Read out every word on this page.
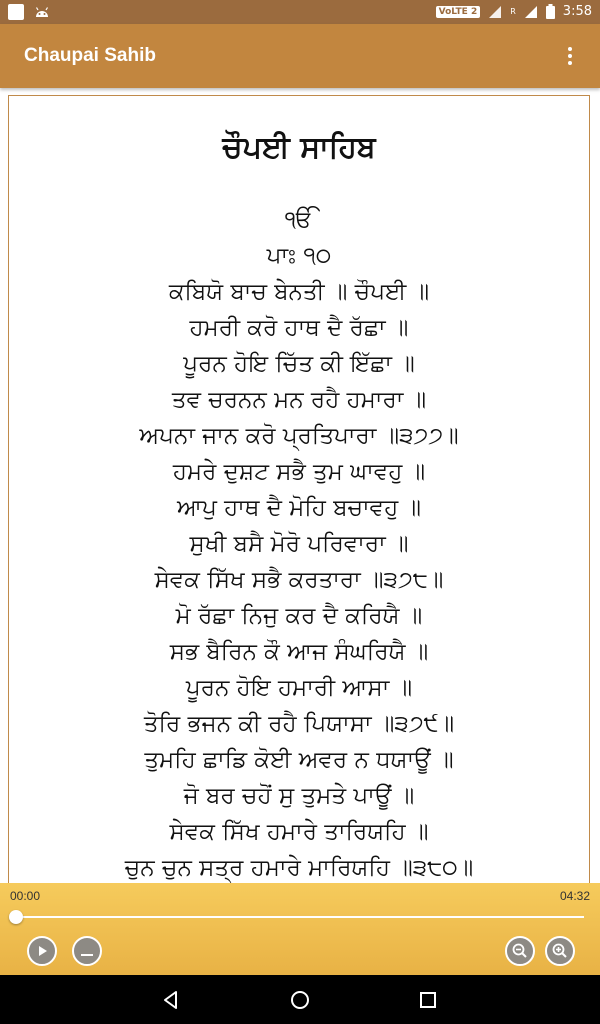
VoLTE 2	R	3:58
Chaupai Sahib
ਚੌਪਈ ਸਾਹਿਬ
ੴ
ਪਾਃ ੧੦
ਕਬਿਯੋ ਬਾਚ ਬੇਨਤੀ ॥ ਚੌਪਈ ॥
ਹਮਰੀ ਕਰੋ ਹਾਥ ਦੈ ਰੱਛਾ ॥
ਪੂਰਨ ਹੋਇ ਚਿੱਤ ਕੀ ਇੱਛਾ ॥
ਤਵ ਚਰਨਨ ਮਨ ਰਹੈ ਹਮਾਰਾ ॥
ਅਪਨਾ ਜਾਨ ਕਰੋ ਪ੍ਰਤਿਪਾਰਾ ॥੩੭੭॥
ਹਮਰੇ ਦੁਸ਼ਟ ਸਭੈ ਤੁਮ ਘਾਵਹੁ ॥
ਆਪੁ ਹਾਥ ਦੈ ਮੋਹਿ ਬਚਾਵਹੁ ॥
ਸੁਖੀ ਬਸੈ ਮੋਰੋ ਪਰਿਵਾਰਾ ॥
ਸੇਵਕ ਸਿੱਖ ਸਭੈ ਕਰਤਾਰਾ ॥੩੭੮॥
ਮੋ ਰੱਛਾ ਨਿਜੁ ਕਰ ਦੈ ਕਰਿਯੈ ॥
ਸਭ ਬੈਰਿਨ ਕੌ ਆਜ ਸੰਘਰਿਯੈ ॥
ਪੂਰਨ ਹੋਇ ਹਮਾਰੀ ਆਸਾ ॥
ਤੋਰਿ ਭਜਨ ਕੀ ਰਹੈ ਪਿਯਾਸਾ ॥੩੭੯॥
ਤੁਮਹਿ ਛਾਡਿ ਕੋਈ ਅਵਰ ਨ ਧਯਾਊਂ ॥
ਜੋ ਬਰ ਚਹੋਂ ਸੁ ਤੁਮਤੇ ਪਾਊਂ ॥
ਸੇਵਕ ਸਿੱਖ ਹਮਾਰੇ ਤਾਰਿਯਹਿ ॥
ਚੁਨ ਚੁਨ ਸਤ੍ਰ ਹਮਾਰੇ ਮਾਰਿਯਹਿ ॥੩੮੦॥
00:00	04:32
